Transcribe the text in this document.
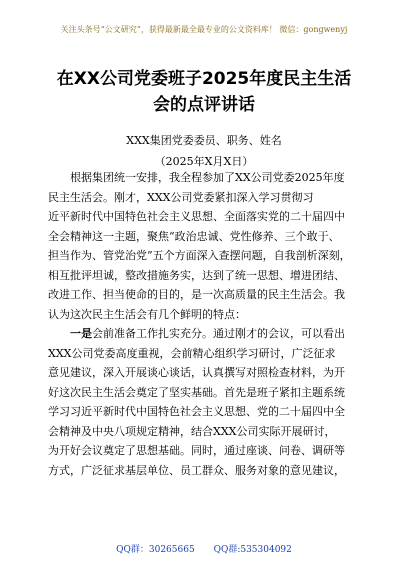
关注头条号“公文研究”，获得最新最全最专业的公文资料库！ 微信：gongwenyj
在XX公司党委班子2025年度民主生活
会的点评讲话
XXX集团党委委员、职务、姓名
（2025年X月X日）
根据集团统一安排，我全程参加了XX公司党委2025年度
民主生活会。刚才，XXX公司党委紧扣深入学习贯彻习
近平新时代中国特色社会主义思想、全面落实党的二十届四中
全会精神这一主题，聚焦“政治忠诚、党性修养、三个敢于、
担当作为、管党治党”五个方面深入查摆问题，自我剖析深刻，
相互批评坦诚，整改措施务实，达到了统一思想、增进团结、
改进工作、担当使命的目的，是一次高质量的民主生活会。我
认为这次民主生活会有几个鲜明的特点：
一是会前准备工作扎实充分。通过刚才的会议，可以看出
XXX公司党委高度重视，会前精心组织学习研讨，广泛征求
意见建议，深入开展谈心谈话，认真撰写对照检查材料，为开
好这次民主生活会奠定了坚实基础。首先是班子紧扣主题系统
学习习近平新时代中国特色社会主义思想、党的二十届四中全
会精神及中央八项规定精神，结合XXX公司实际开展研讨，
为开好会议奠定了思想基础。同时，通过座谈、问卷、调研等
方式，广泛征求基层单位、员工群众、服务对象的意见建议，
QQ群：30265665 QQ群:535304092
